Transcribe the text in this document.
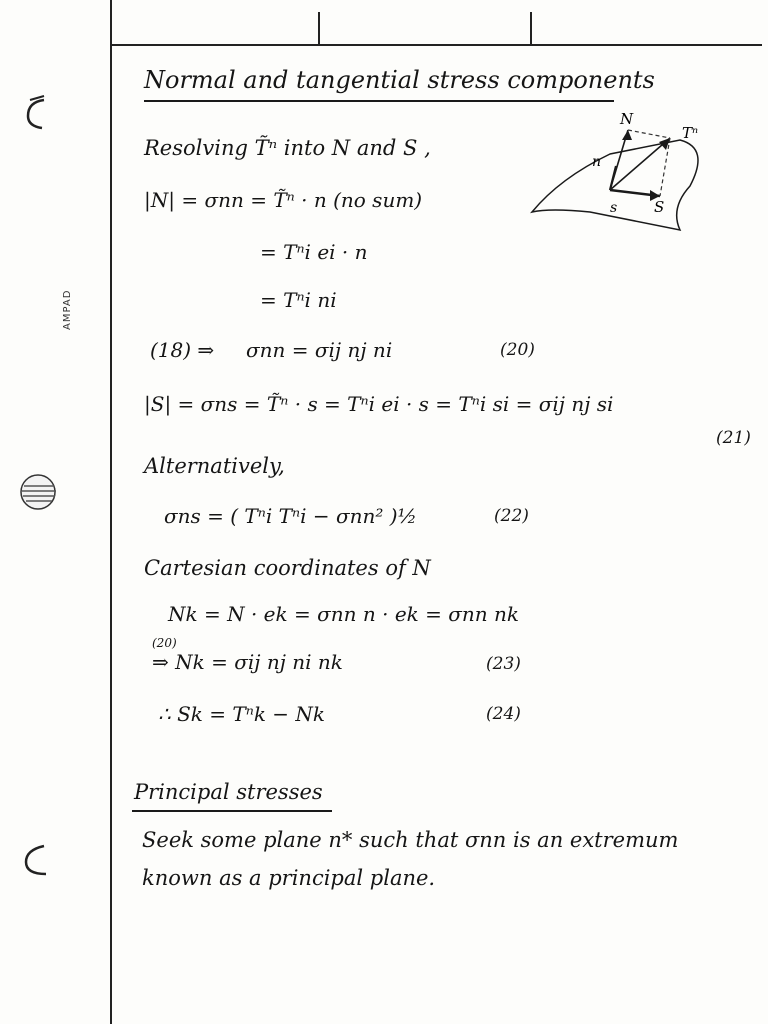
AMPAD
Normal and tangential stress components
Resolving T̃ⁿ into N and S ,
|N| = σnn = T̃ⁿ · n (no sum)
= Tⁿi ei · n
= Tⁿi ni
(18) ⇒ σnn = σij nj ni	(20)
|S| = σns = T̃ⁿ · s = Tⁿi ei · s = Tⁿi si = σij nj si
(21)
Alternatively,
σns = ( Tⁿi Tⁿi − σnn² )½	(22)
Cartesian coordinates of N
Nk = N · ek = σnn n · ek = σnn nk
(20)
⇒ Nk = σij nj ni nk	(23)
∴ Sk = Tⁿk − Nk	(24)
Principal stresses
Seek some plane n* such that σnn is an extremum
known as a principal plane.
N
Tⁿ
n
s S
